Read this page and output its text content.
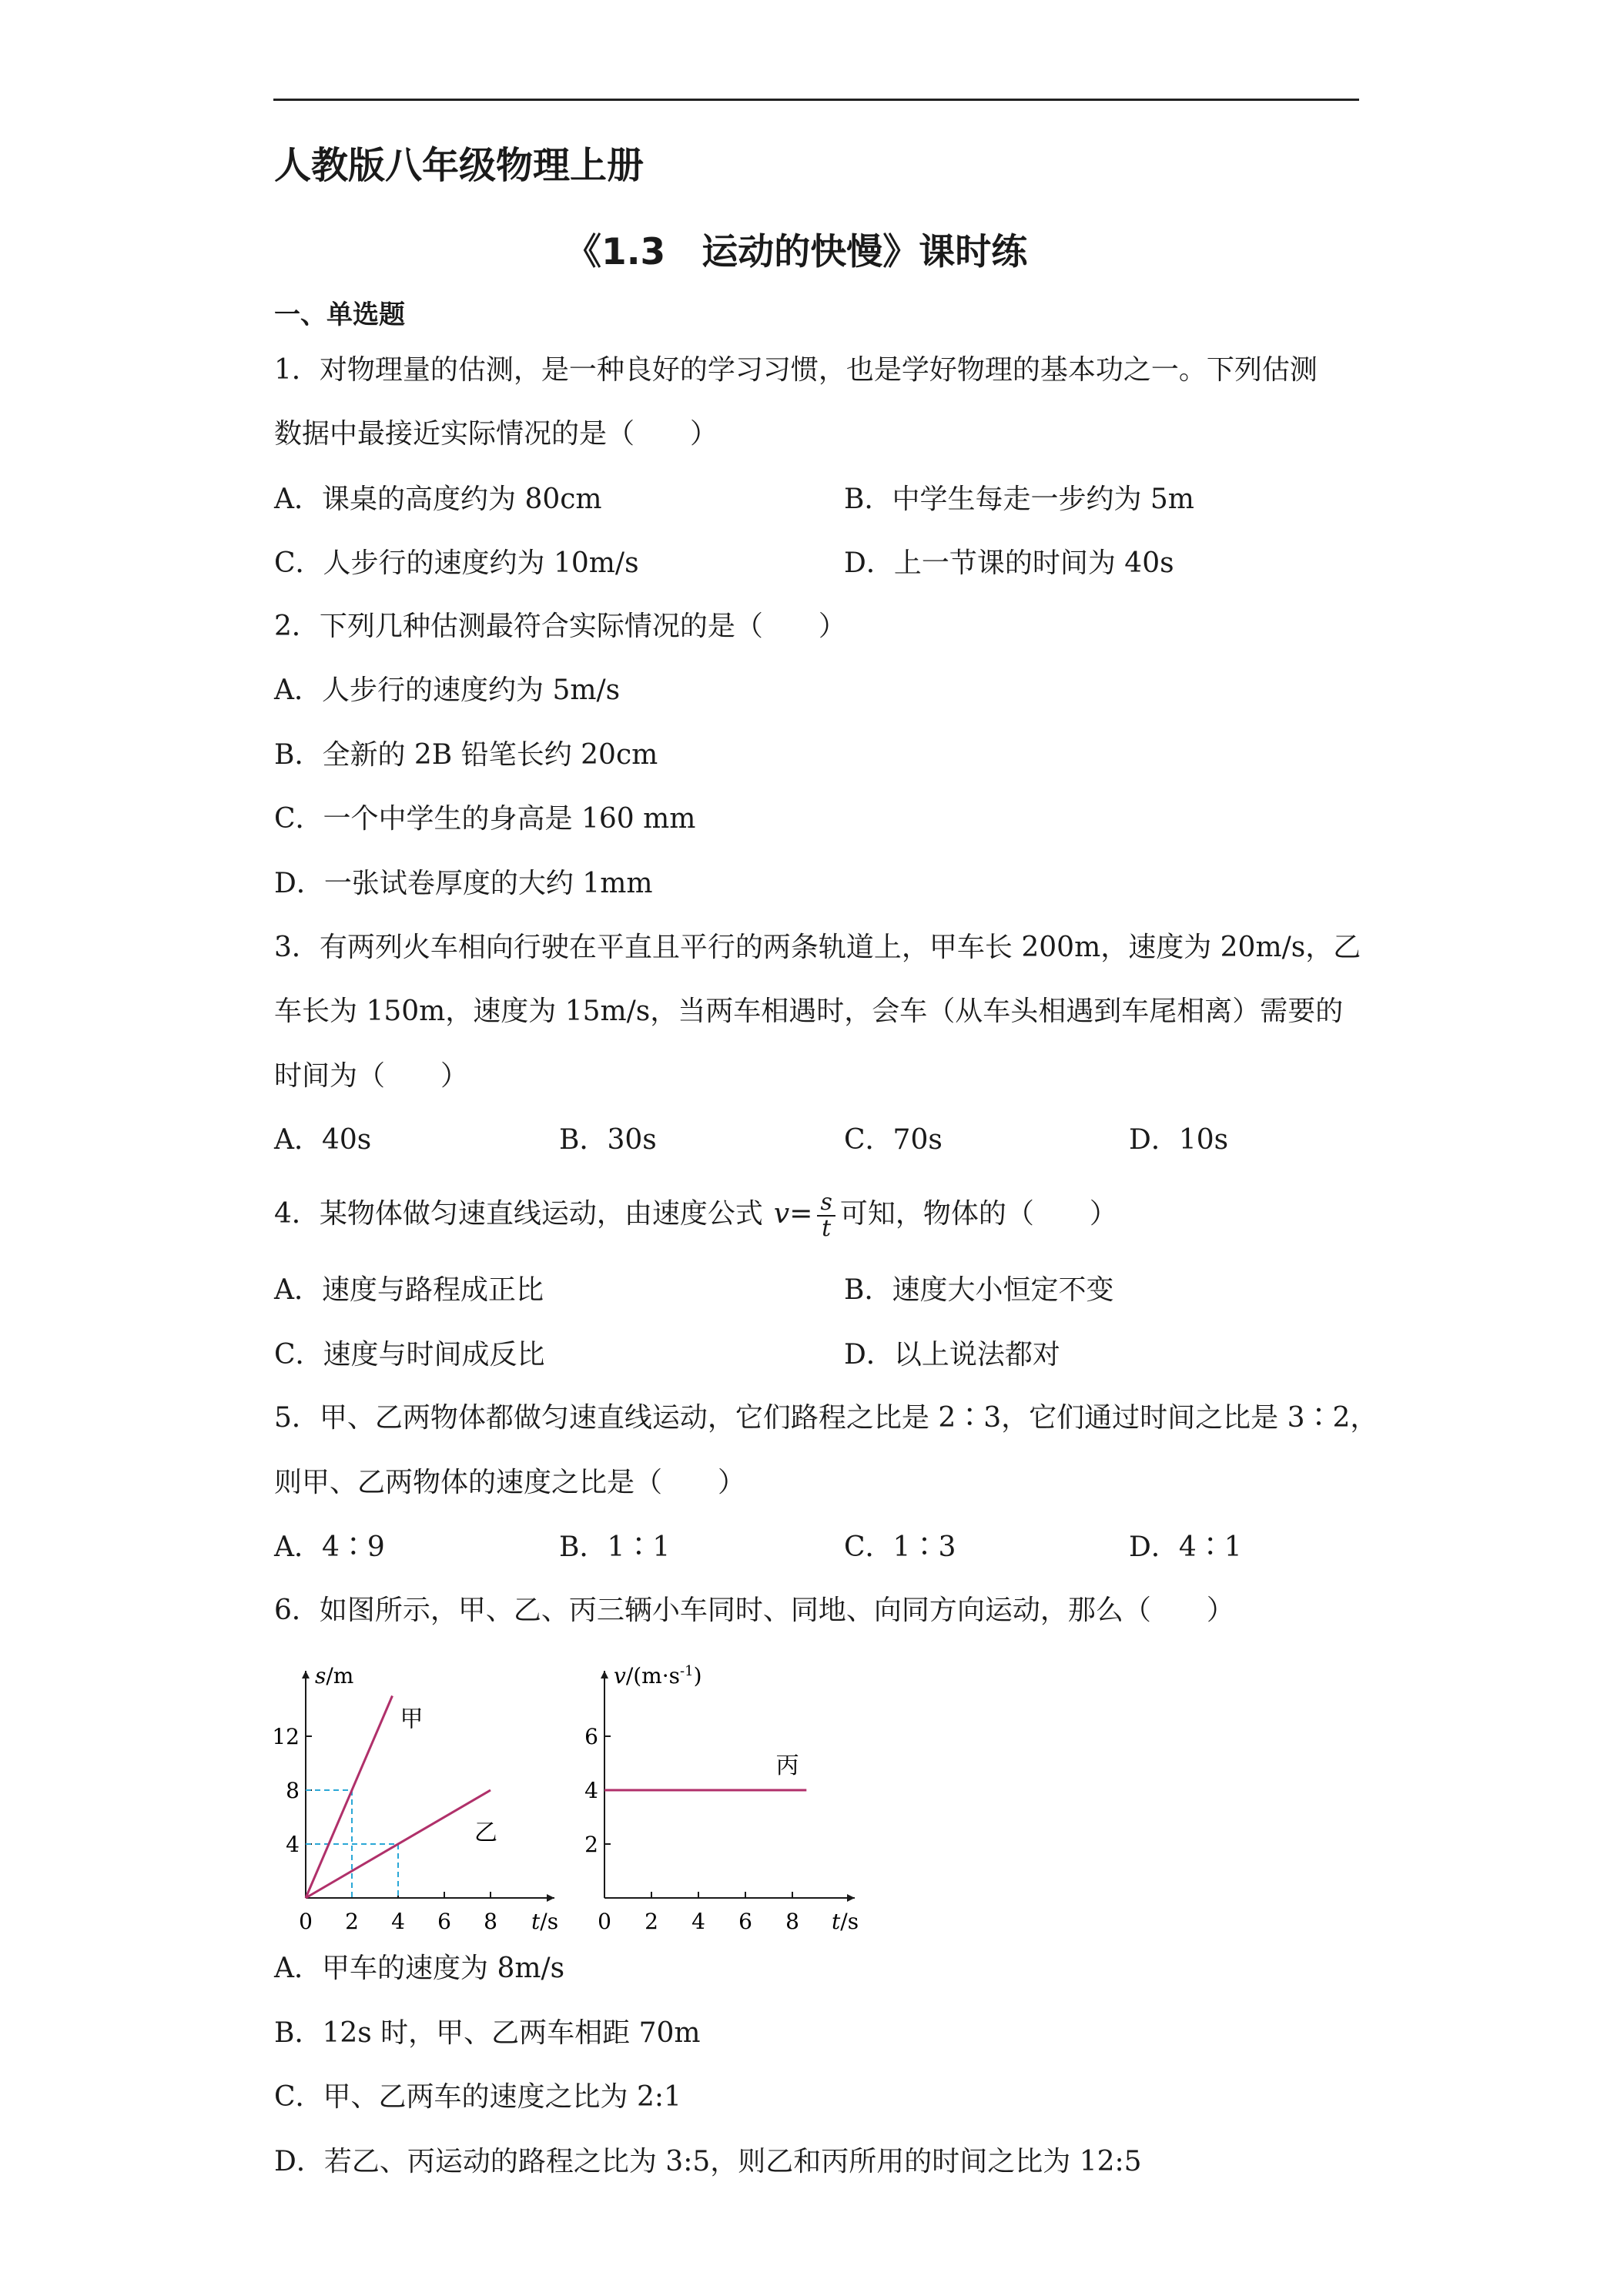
人教版八年级物理上册
《1.3　运动的快慢》课时练
一、单选题
1．对物理量的估测，是一种良好的学习习惯，也是学好物理的基本功之一。下列估测
数据中最接近实际情况的是（　　）
A．课桌的高度约为 80cm	B．中学生每走一步约为 5m
C．人步行的速度约为 10m/s	D．上一节课的时间为 40s
2．下列几种估测最符合实际情况的是（　　）
A．人步行的速度约为 5m/s
B．全新的 2B 铅笔长约 20cm
C．一个中学生的身高是 160 mm
D．一张试卷厚度的大约 1mm
3．有两列火车相向行驶在平直且平行的两条轨道上，甲车长 200m，速度为 20m/s，乙
车长为 150m，速度为 15m/s，当两车相遇时，会车（从车头相遇到车尾相离）需要的
时间为（　　）
A．40s	B．30s	C．70s	D．10s
4．某物体做匀速直线运动，由速度公式 $v= \frac{s}{t}$ 可知，物体的（　　）
A．速度与路程成正比	B．速度大小恒定不变
C．速度与时间成反比	D．以上说法都对
5．甲、乙两物体都做匀速直线运动，它们路程之比是 2∶3，它们通过时间之比是 3∶2，
则甲、乙两物体的速度之比是（　　）
A．4∶9	B．1∶1	C．1∶3	D．4∶1
6．如图所示，甲、乙、丙三辆小车同时、同地、向同方向运动，那么（　　）
s/m
t/s
0 2 4 6 8
4
8
12
甲
乙
$v/(m\cdot s^{-1})$
t/s
0 2 4 6 8
2
4
6
丙
A．甲车的速度为 8m/s
B．12s 时，甲、乙两车相距 70m
C．甲、乙两车的速度之比为 2:1
D．若乙、丙运动的路程之比为 3:5，则乙和丙所用的时间之比为 12:5
